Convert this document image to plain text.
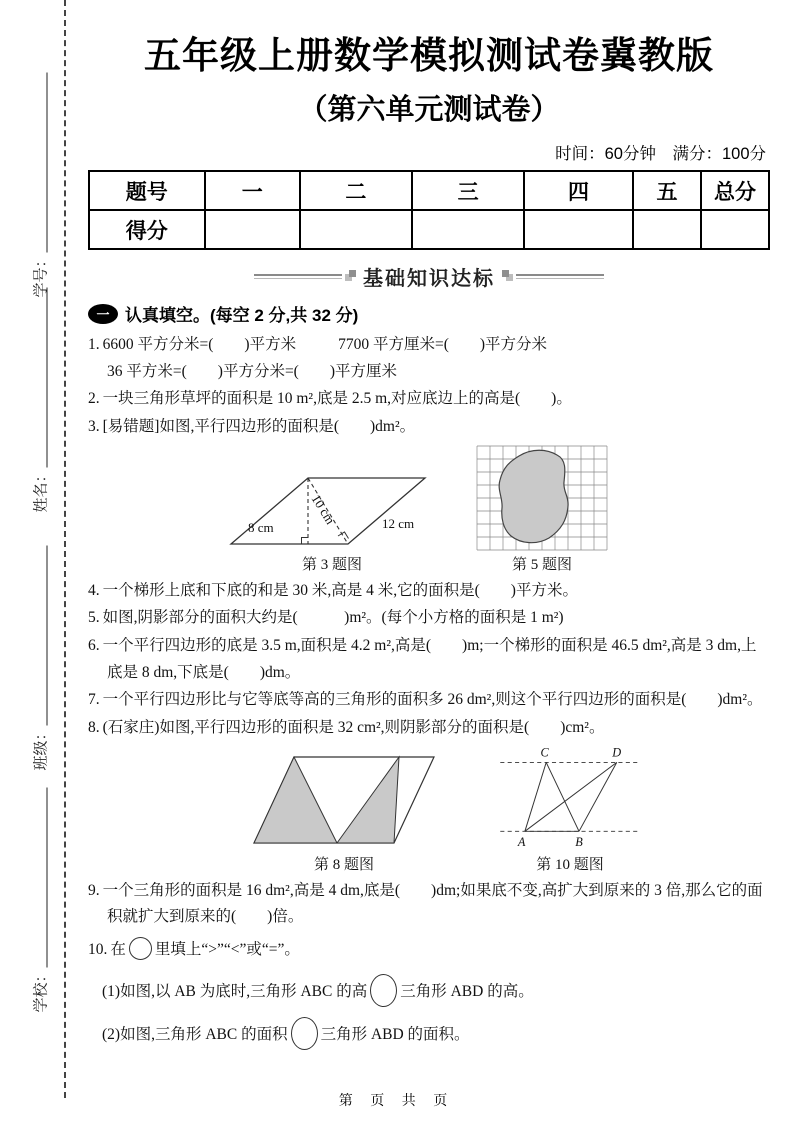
学号：
姓名：
班级：
学校：
五年级上册数学模拟测试卷冀教版
（第六单元测试卷）
时间：60分钟　满分：100分
题号	一	二	三	四	五	总分
得分						
基础知识达标
一 认真填空。(每空 2 分,共 32 分)
1. 6600 平方分米=(　　)平方米	7700 平方厘米=(　　)平方分米
36 平方米=(　　)平方分米=(　　)平方厘米
2. 一块三角形草坪的面积是 10 m²,底是 2.5 m,对应底边上的高是(　　)。
3. [易错题]如图,平行四边形的面积是(　　)dm²。
8 cm
10 cm	12 cm
第 3 题图	第 5 题图
4. 一个梯形上底和下底的和是 30 米,高是 4 米,它的面积是(　　)平方米。
5. 如图,阴影部分的面积大约是(　　　)m²。(每个小方格的面积是 1 m²)
6. 一个平行四边形的底是 3.5 m,面积是 4.2 m²,高是(　　)m;一个梯形的面积是 46.5 dm²,高是 3 dm,上底是 8 dm,下底是(　　)dm。
7. 一个平行四边形比与它等底等高的三角形的面积多 26 dm²,则这个平行四边形的面积是(　　)dm²。
8. (石家庄)如图,平行四边形的面积是 32 cm²,则阴影部分的面积是(　　)cm²。
第 8 题图
A	B
C	D
第 10 题图
9. 一个三角形的面积是 16 dm²,高是 4 dm,底是(　　)dm;如果底不变,高扩大到原来的 3 倍,那么它的面积就扩大到原来的(　　)倍。
10. 在 里填上“>”“<”或“=”。
(1)如图,以 AB 为底时,三角形 ABC 的高 三角形 ABD 的高。
(2)如图,三角形 ABC 的面积 三角形 ABD 的面积。
第 页 共 页
